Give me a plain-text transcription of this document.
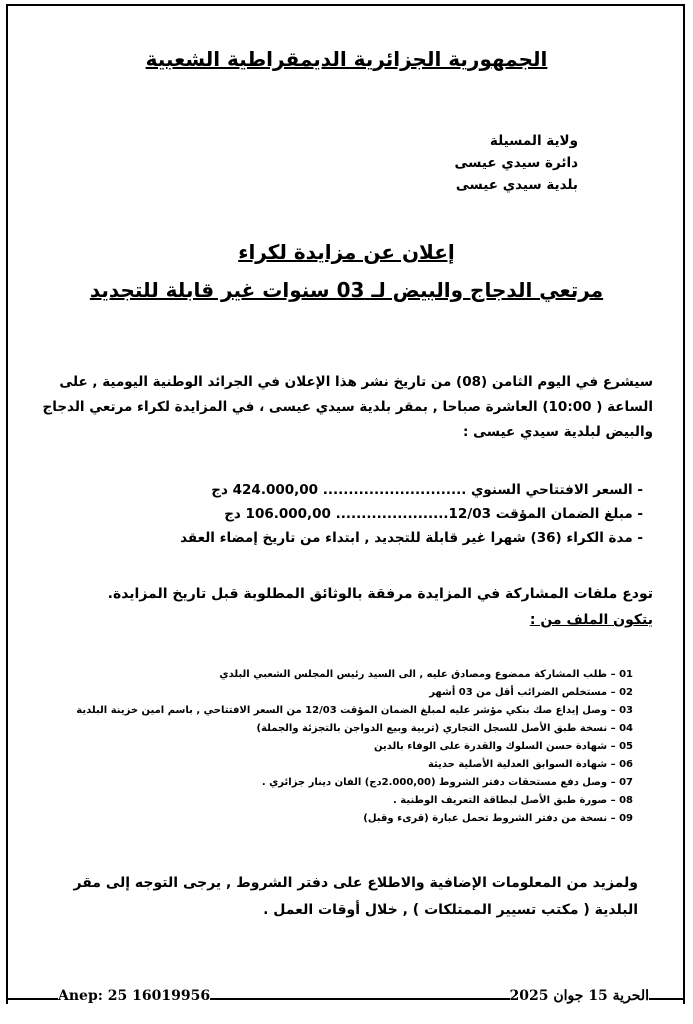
الجمهورية الجزائرية الديمقراطية الشعبية
ولاية المسيلة
دائرة سيدي عيسى
بلدية سيدي عيسى
إعلان عن مزايدة لكراء
مرتعي الدجاج والبيض لـ 03 سنوات غير قابلة للتجديد
سيشرع في اليوم الثامن (08) من تاريخ نشر هذا الإعلان في الجرائد الوطنية اليومية , على الساعة ( 10:00) العاشرة صباحا , بمقر بلدية سيدي عيسى ، في المزايدة لكراء مرتعي الدجاج والبيض لبلدية سيدي عيسى :
- السعر الافتتاحي السنوي ............................ 424.000,00 دج
- مبلغ الضمان المؤقت 12/03...................... 106.000,00 دج
- مدة الكراء (36) شهرا غير قابلة للتجديد , ابتداء من تاريخ إمضاء العقد
تودع ملفات المشاركة في المزايدة مرفقة بالوثائق المطلوبة قبل تاريخ المزايدة.
يتكون الملف من :
01 – طلب المشاركة ممضوع ومصادق عليه , الى السيد رئيس المجلس الشعبي البلدي
02 – مستخلص الضرائب أقل من 03 أشهر
03 – وصل إيداع صك بنكي مؤشر عليه لمبلغ الضمان المؤقت 12/03 من السعر الافتتاحي , باسم امين خزينة البلدية
04 – نسخة طبق الأصل للسجل التجاري (تربية وبيع الدواجن بالتجزئة والجملة)
05 – شهادة حسن السلوك والقدرة على الوفاء بالدين
06 – شهادة السوابق العدلية الأصلية حديثة
07 – وصل دفع مستحقات دفتر الشروط (2.000,00دج) الفان دينار جزائري .
08 – صورة طبق الأصل لبطاقة التعريف الوطنية .
09 – نسخة من دفتر الشروط تحمل عبارة (قرىء وقبل)
ولمزيد من المعلومات الإضافية والاطلاع على دفتر الشروط , يرجى التوجه إلى مقر البلدية ( مكتب تسيير الممتلكات ) , خلال أوقات العمل .
Anep: 25 16019956	الحرية 15 جوان 2025
